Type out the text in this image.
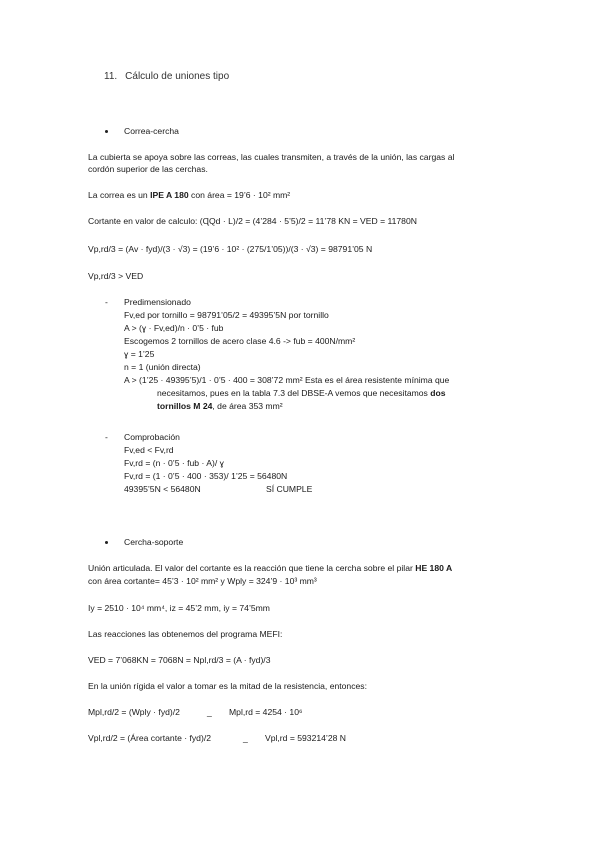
11. Cálculo de uniones tipo
Correa-cercha
La cubierta se apoya sobre las correas, las cuales transmiten, a través de la unión, las cargas al
cordón superior de las cerchas.
La correa es un IPE A 180 con área = 19’6 · 10² mm²
Cortante en valor de calculo: (ɊQd · L)/2 = (4’284 · 5’5)/2 = 11’78 KN = VED = 11780N
Vp,rd/3 = (Av · fyd)/(3 · √3) = (19’6 · 10² · (275/1’05))/(3 · √3) = 98791’05 N
Vp,rd/3 > VED
- Predimensionado
Fv,ed por tornillo = 98791’05/2 = 49395’5N por tornillo
A > (ɣ · Fv,ed)/n · 0’5 · fub
Escogemos 2 tornillos de acero clase 4.6 -> fub = 400N/mm²
ɣ = 1’25
n = 1 (unión directa)
A > (1’25 · 49395’5)/1 · 0’5 · 400 = 308’72 mm² Esta es el área resistente mínima que
necesitamos, pues en la tabla 7.3 del DBSE-A vemos que necesitamos dos
tornillos M 24, de área 353 mm²
- Comprobación
Fv,ed < Fv,rd
Fv,rd = (n · 0’5 · fub · A)/ ɣ
Fv,rd = (1 · 0’5 · 400 · 353)/ 1’25 = 56480N
49395’5N < 56480N	SÍ CUMPLE
Cercha-soporte
Unión articulada. El valor del cortante es la reacción que tiene la cercha sobre el pilar HE 180 A
con área cortante= 45’3 · 10² mm² y Wply = 324’9 · 10³ mm³
Iy = 2510 · 10⁴ mm⁴, iz = 45’2 mm, iy = 74’5mm
Las reacciones las obtenemos del programa MEFI:
VED = 7’068KN = 7068N = Npl,rd/3 = (A · fyd)/3
En la unión rígida el valor a tomar es la mitad de la resistencia, entonces:
Mpl,rd/2 = (Wply · fyd)/2	_ Mpl,rd = 4254 · 10⁶
Vpl,rd/2 = (Área cortante · fyd)/2	_ Vpl,rd = 593214’28 N
